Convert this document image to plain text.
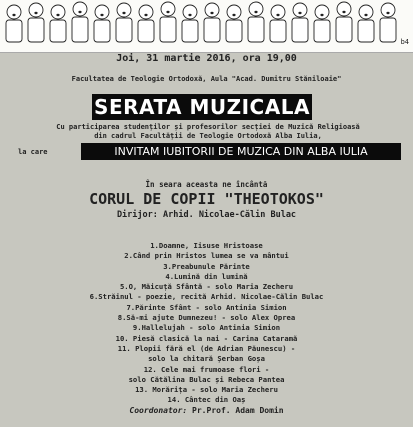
b4
Joi, 31 martie 2016, ora 19,00
Facultatea de Teologie Ortodoxă, Aula "Acad. Dumitru Stăniloaie"
SERATA MUZICALA
Cu participarea studenților și profesorilor secției de Muzică Religioasă
din cadrul Facultății de Teologie Ortodoxă Alba Iulia,
la care	INVITAM IUBITORII DE MUZICA DIN ALBA IULIA
În seara aceasta ne încântă
CORUL DE COPII "THEOTOKOS"
Dirijor: Arhid. Nicolae-Călin Bulac
1.Doamne, Iisuse Hristoase
2.Când prin Hristos lumea se va mântui
3.Preabunule Părinte
4.Lumină din lumină
5.O, Măicuță Sfântă - solo Maria Zecheru
6.Străinul - poezie, recită Arhid. Nicolae-Călin Bulac
7.Părinte Sfânt - solo Antinia Simion
8.Să-mi ajute Dumnezeu! - solo Alex Oprea
9.Hallelujah - solo Antinia Simion
10. Piesă clasică la nai - Carina Cataramă
11. Plopii fără el (de Adrian Păunescu) -
solo la chitară Șerban Goșa
12. Cele mai frumoase flori -
solo Cătălina Bulac și Rebeca Pantea
13. Morărița - solo Maria Zecheru
14. Cântec din Oaș
Coordonator: Pr.Prof. Adam Domin
